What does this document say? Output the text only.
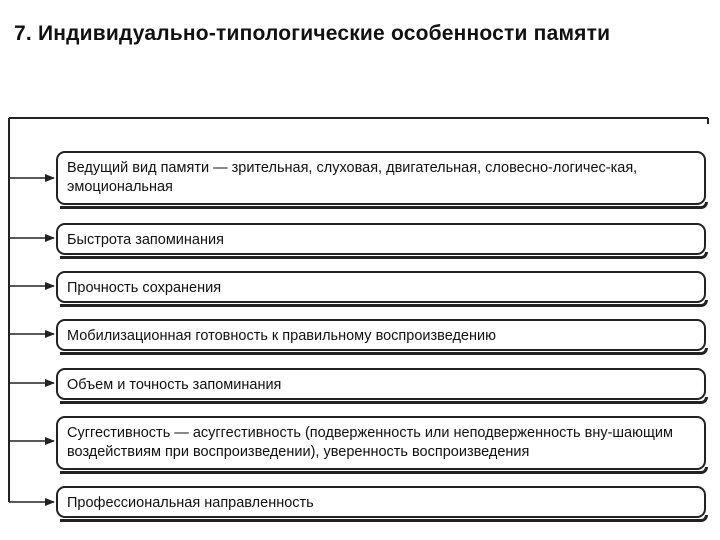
7. Индивидуально-типологические особенности памяти
Ведущий вид памяти — зрительная, слуховая, двигательная, словесно-логичес-кая, эмоциональная
Быстрота запоминания
Прочность сохранения
Мобилизационная готовность к правильному воспроизведению
Объем и точность запоминания
Суггестивность — асуггестивность (подверженность или неподверженность вну-шающим воздействиям при воспроизведении), уверенность воспроизведения
Профессиональная направленность
